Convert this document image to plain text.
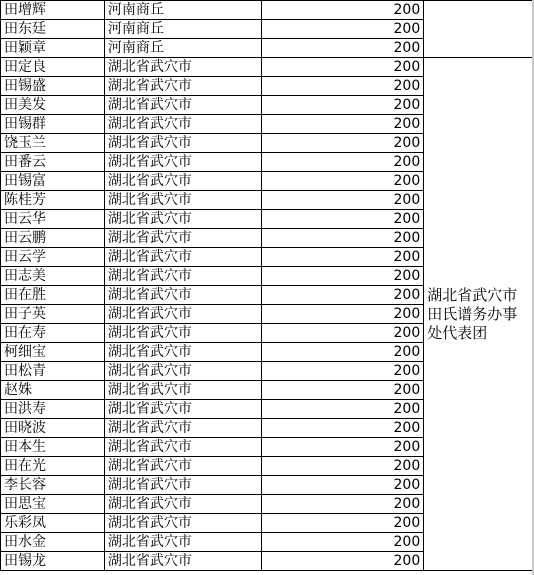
田增辉	河南商丘	200	
田东廷	河南商丘	200	
田颖章	河南商丘	200	
田定良	湖北省武穴市	200	湖北省武穴市田氏谱务办事处代表团
田锡盛	湖北省武穴市	200	
田美发	湖北省武穴市	200	
田锡群	湖北省武穴市	200	
饶玉兰	湖北省武穴市	200	
田番云	湖北省武穴市	200	
田锡富	湖北省武穴市	200	
陈桂芳	湖北省武穴市	200	
田云华	湖北省武穴市	200	
田云鹏	湖北省武穴市	200	
田云学	湖北省武穴市	200	
田志美	湖北省武穴市	200	
田在胜	湖北省武穴市	200	
田子英	湖北省武穴市	200	
田在寿	湖北省武穴市	200	
柯细宝	湖北省武穴市	200	
田松青	湖北省武穴市	200	
赵姝	湖北省武穴市	200	
田洪寿	湖北省武穴市	200	
田晓波	湖北省武穴市	200	
田本生	湖北省武穴市	200	
田在光	湖北省武穴市	200	
李长容	湖北省武穴市	200	
田思宝	湖北省武穴市	200	
乐彩凤	湖北省武穴市	200	
田水金	湖北省武穴市	200	
田锡龙	湖北省武穴市	200	
